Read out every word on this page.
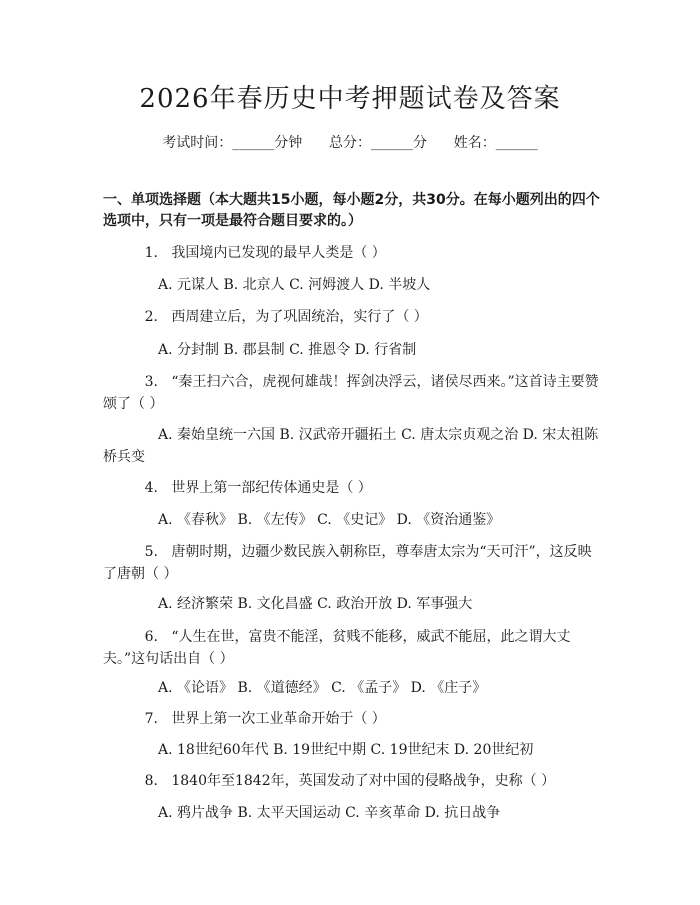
2026年春历史中考押题试卷及答案
考试时间：______分钟 总分：______分 姓名：______
一、单项选择题（本大题共15小题，每小题2分，共30分。在每小题列出的四个选项中，只有一项是最符合题目要求的。）
1. 我国境内已发现的最早人类是（ ）
A. 元谋人 B. 北京人 C. 河姆渡人 D. 半坡人
2. 西周建立后，为了巩固统治，实行了（ ）
A. 分封制 B. 郡县制 C. 推恩令 D. 行省制
3. “秦王扫六合，虎视何雄哉！挥剑决浮云，诸侯尽西来。”这首诗主要赞颂了（ ）
A. 秦始皇统一六国 B. 汉武帝开疆拓土 C. 唐太宗贞观之治 D. 宋太祖陈桥兵变
4. 世界上第一部纪传体通史是（ ）
A. 《春秋》 B. 《左传》 C. 《史记》 D. 《资治通鉴》
5. 唐朝时期，边疆少数民族入朝称臣，尊奉唐太宗为“天可汗”，这反映了唐朝（ ）
A. 经济繁荣 B. 文化昌盛 C. 政治开放 D. 军事强大
6. “人生在世，富贵不能淫，贫贱不能移，威武不能屈，此之谓大丈夫。”这句话出自（ ）
A. 《论语》 B. 《道德经》 C. 《孟子》 D. 《庄子》
7. 世界上第一次工业革命开始于（ ）
A. 18世纪60年代 B. 19世纪中期 C. 19世纪末 D. 20世纪初
8. 1840年至1842年，英国发动了对中国的侵略战争，史称（ ）
A. 鸦片战争 B. 太平天国运动 C. 辛亥革命 D. 抗日战争
